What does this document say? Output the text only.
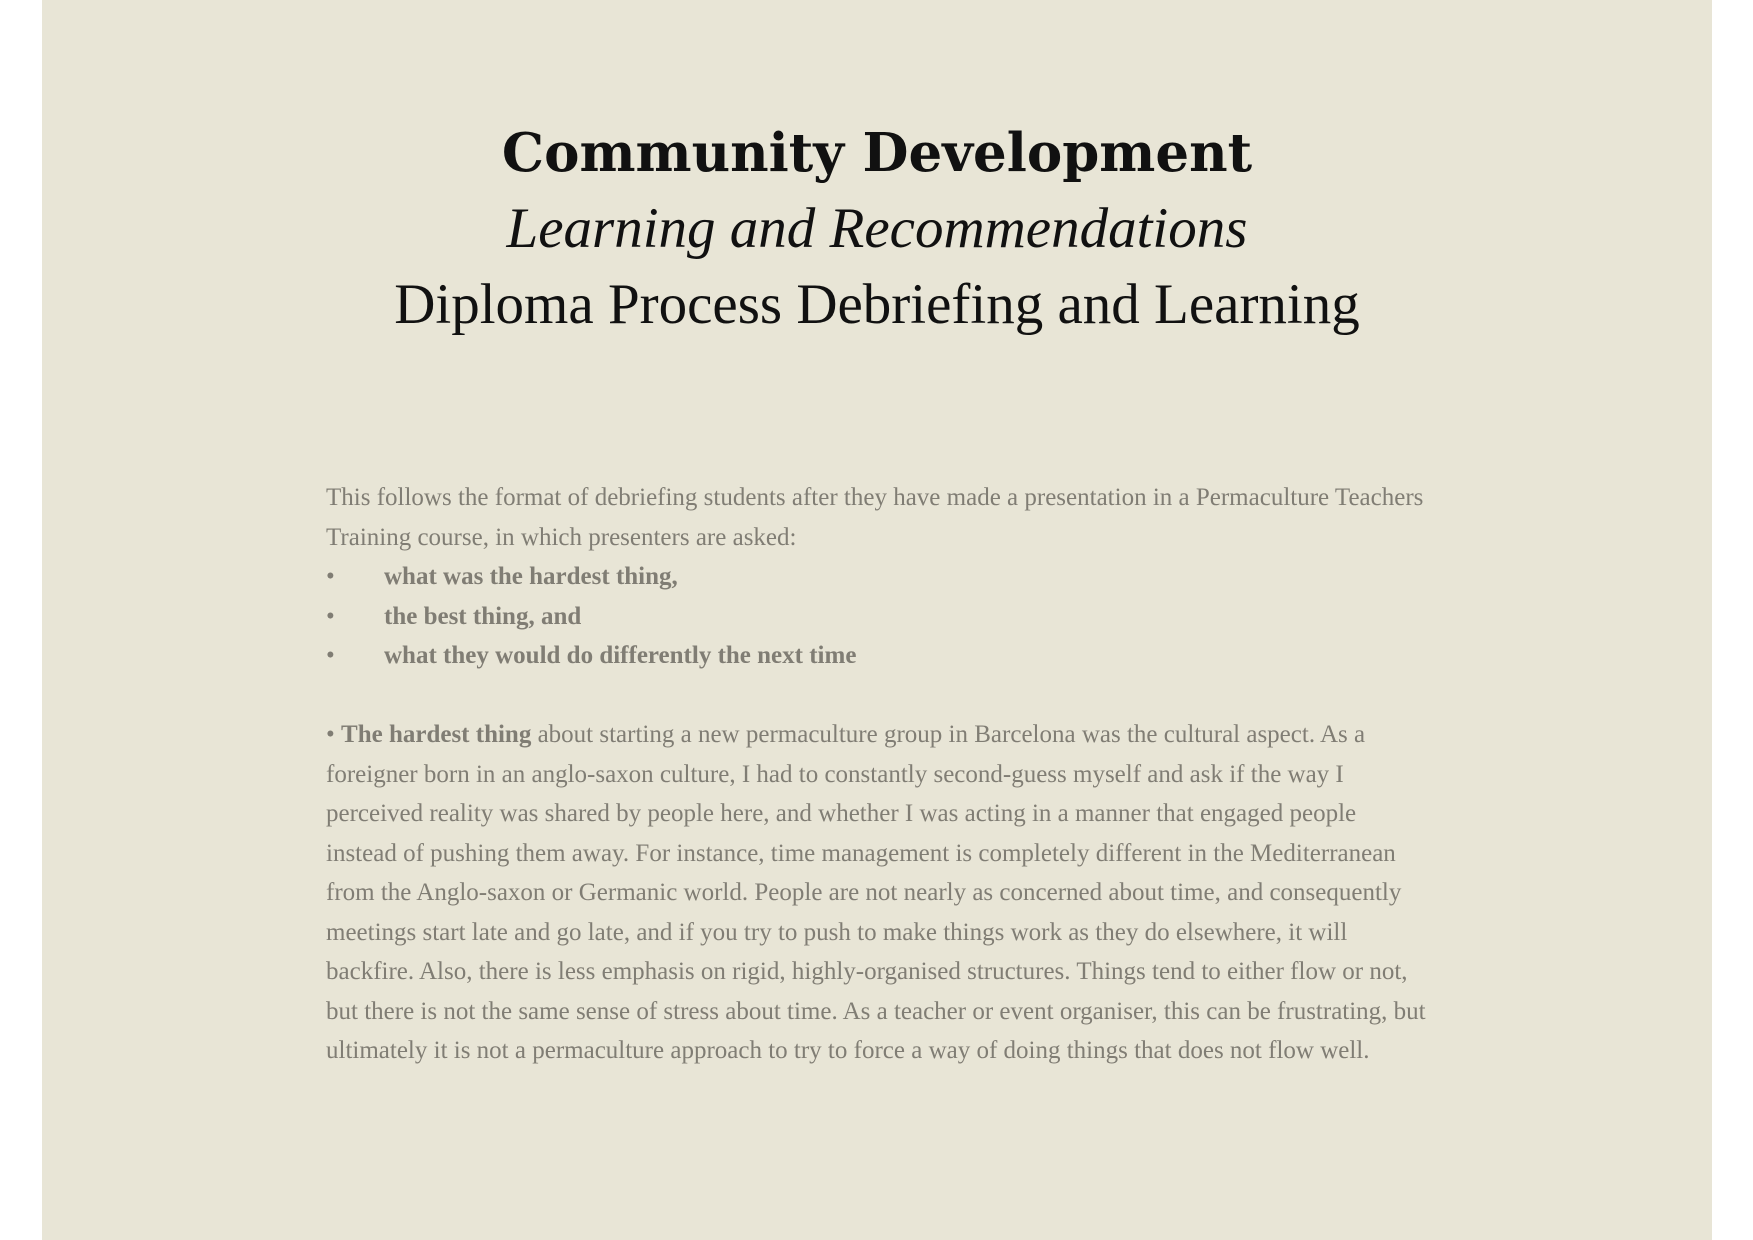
Community Development
Learning and Recommendations
Diploma Process Debriefing and Learning

This follows the format of debriefing students after they have made a presentation in a Permaculture Teachers Training course, in which presenters are asked:

• what was the hardest thing,
• the best thing, and
• what they would do differently the next time

• The hardest thing about starting a new permaculture group in Barcelona was the cultural aspect. As a foreigner born in an anglo-saxon culture, I had to constantly second-guess myself and ask if the way I perceived reality was shared by people here, and whether I was acting in a manner that engaged people instead of pushing them away. For instance, time management is completely different in the Mediterranean from the Anglo-saxon or Germanic world. People are not nearly as concerned about time, and consequently meetings start late and go late, and if you try to push to make things work as they do elsewhere, it will backfire. Also, there is less emphasis on rigid, highly-organised structures. Things tend to either flow or not, but there is not the same sense of stress about time. As a teacher or event organiser, this can be frustrating, but ultimately it is not a permaculture approach to try to force a way of doing things that does not flow well.
